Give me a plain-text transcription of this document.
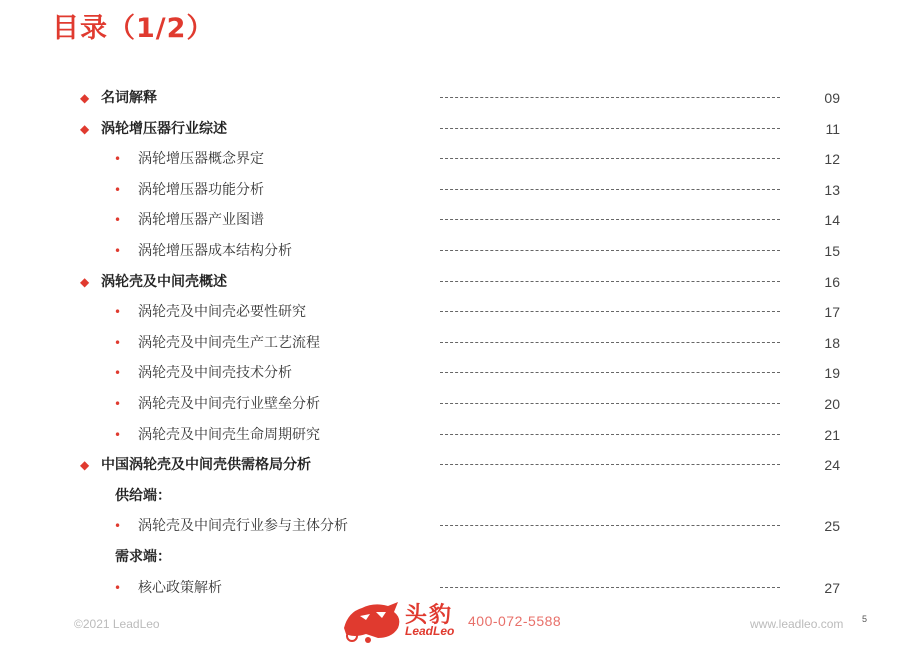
目录（1/2）
◆ 名词解释	09
◆ 涡轮增压器行业综述	11
• 涡轮增压器概念界定	12
• 涡轮增压器功能分析	13
• 涡轮增压器产业图谱	14
• 涡轮增压器成本结构分析	15
◆ 涡轮壳及中间壳概述	16
• 涡轮壳及中间壳必要性研究	17
• 涡轮壳及中间壳生产工艺流程	18
• 涡轮壳及中间壳技术分析	19
• 涡轮壳及中间壳行业壁垒分析	20
• 涡轮壳及中间壳生命周期研究	21
◆ 中国涡轮壳及中间壳供需格局分析	24
供给端：
• 涡轮壳及中间壳行业参与主体分析	25
需求端：
• 核心政策解析	27
©2021 LeadLeo	头豹
LeadLeo
400-072-5588	www.leadleo.com 5
